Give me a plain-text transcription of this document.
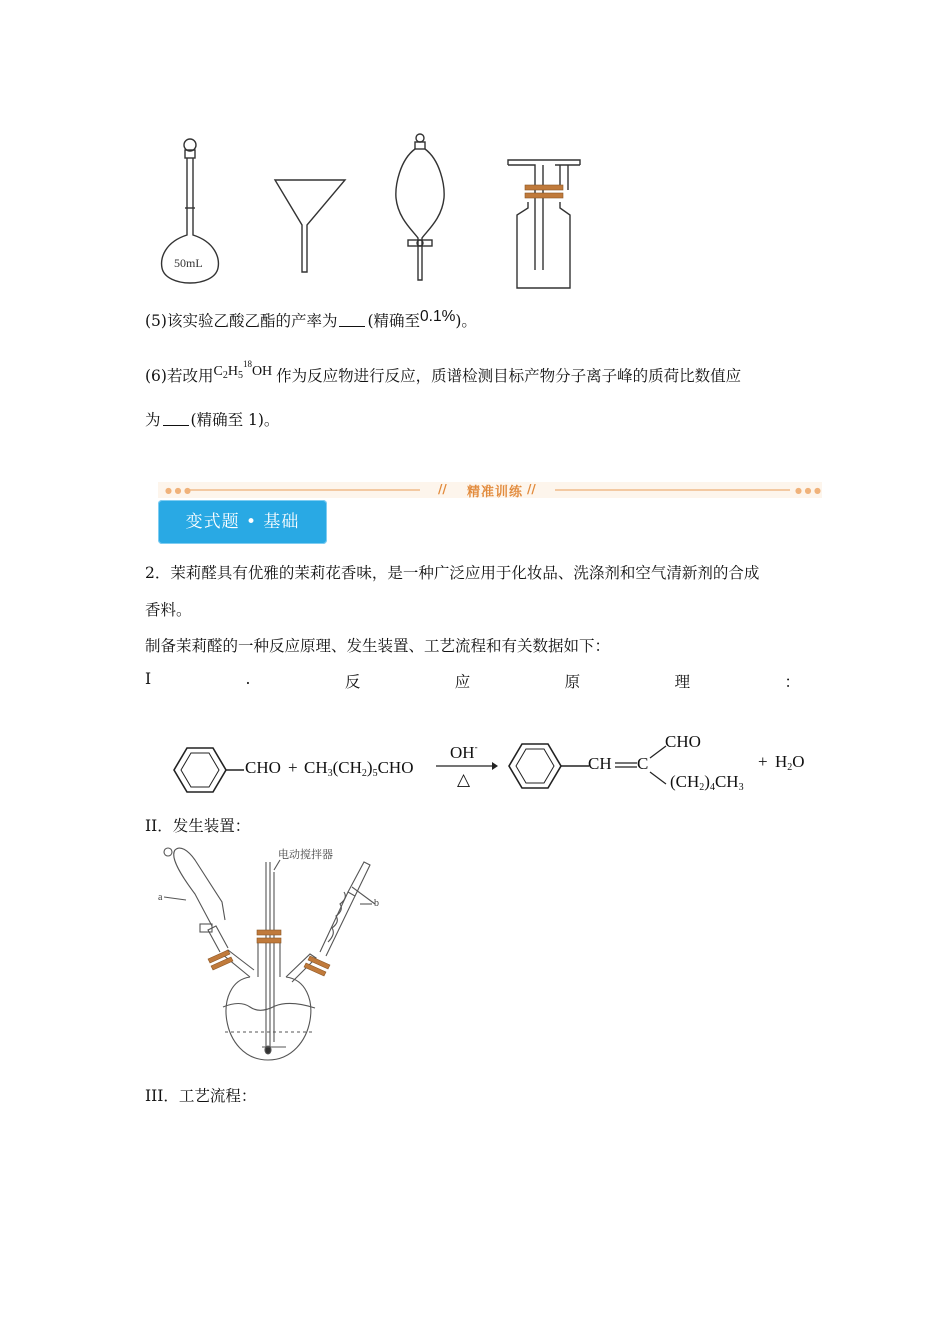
50mL
(5)该实验乙酸乙酯的产率为 (精确至0.1%)。
(6)若改用$C_2H_5^{18}OH$ 作为反应物进行反应，质谱检测目标产物分子离子峰的质荷比数值应
为 (精确至 1)。
● ● ●	● ● ●
//	//
精准训练
变式题 • 基础
2．茉莉醛具有优雅的茉莉花香味，是一种广泛应用于化妆品、洗涤剂和空气清新剂的合成
香料。
制备茉莉醛的一种反应原理、发生装置、工艺流程和有关数据如下：
I	.	反	应	原	理	：
CHO + $CH_3(CH_2)_5CHO$
OH-
△
CH C
CHO
$(CH_2)_4CH_3$
+ $H_2O$
II．发生装置：
电动搅拌器
a
b
III．工艺流程：
